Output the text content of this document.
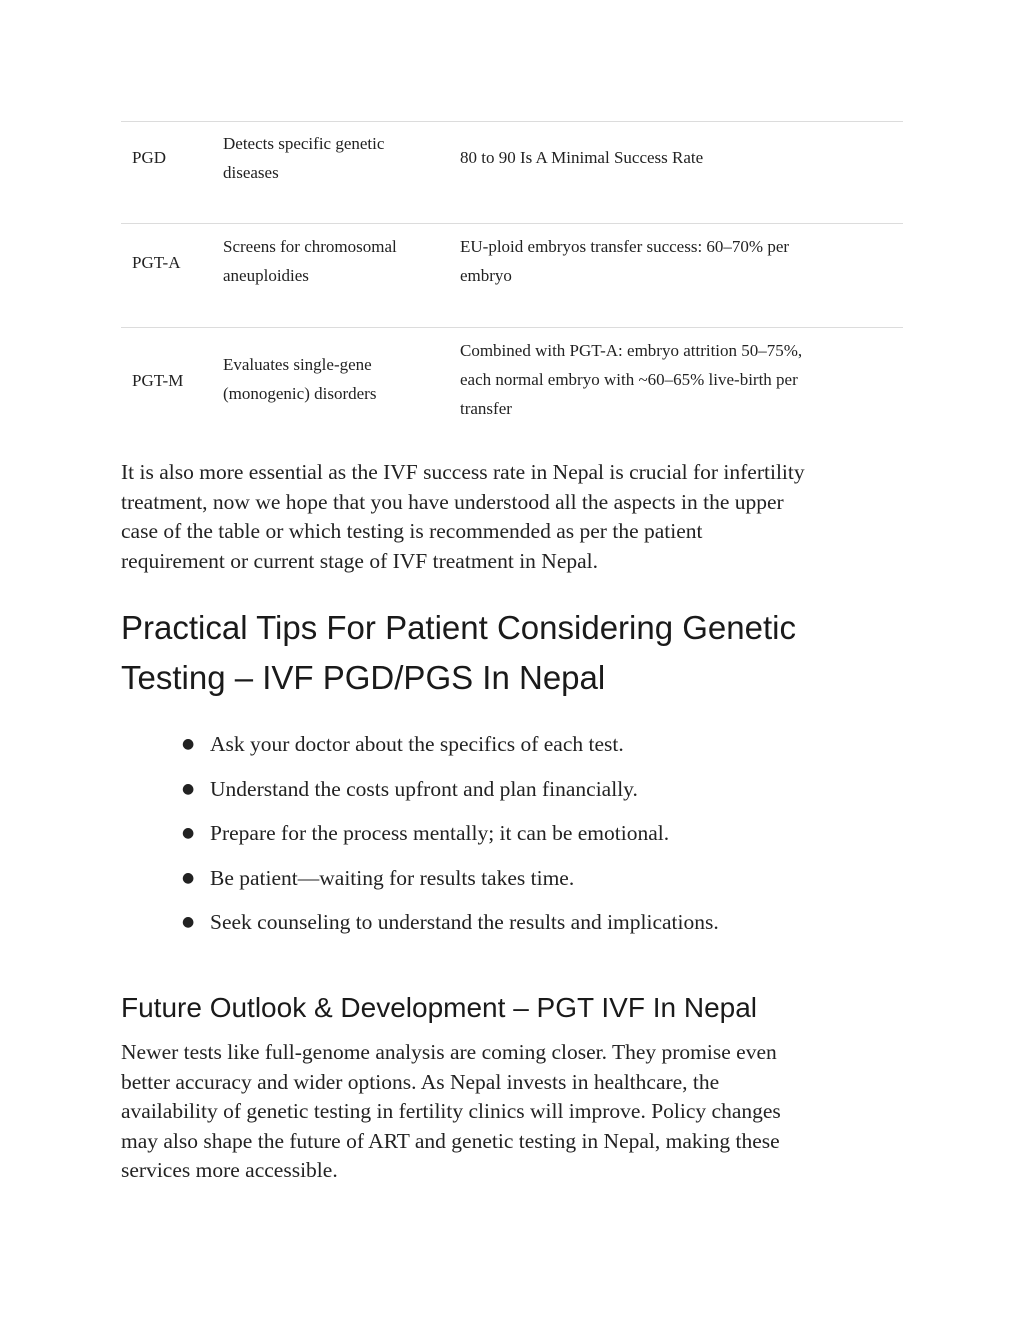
PGD
Detects specific genetic
diseases
80 to 90 Is A Minimal Success Rate
PGT-A
Screens for chromosomal
aneuploidies
EU-ploid embryos transfer success: 60–70% per
embryo
PGT-M
Evaluates single-gene
(monogenic) disorders
Combined with PGT-A: embryo attrition 50–75%,
each normal embryo with ~60–65% live-birth per
transfer
It is also more essential as the IVF success rate in Nepal is crucial for infertility
treatment, now we hope that you have understood all the aspects in the upper
case of the table or which testing is recommended as per the patient
requirement or current stage of IVF treatment in Nepal.
Practical Tips For Patient Considering Genetic
Testing – IVF PGD/PGS In Nepal
● Ask your doctor about the specifics of each test.
● Understand the costs upfront and plan financially.
● Prepare for the process mentally; it can be emotional.
● Be patient—waiting for results takes time.
● Seek counseling to understand the results and implications.
Future Outlook & Development – PGT IVF In Nepal
Newer tests like full-genome analysis are coming closer. They promise even
better accuracy and wider options. As Nepal invests in healthcare, the
availability of genetic testing in fertility clinics will improve. Policy changes
may also shape the future of ART and genetic testing in Nepal, making these
services more accessible.
